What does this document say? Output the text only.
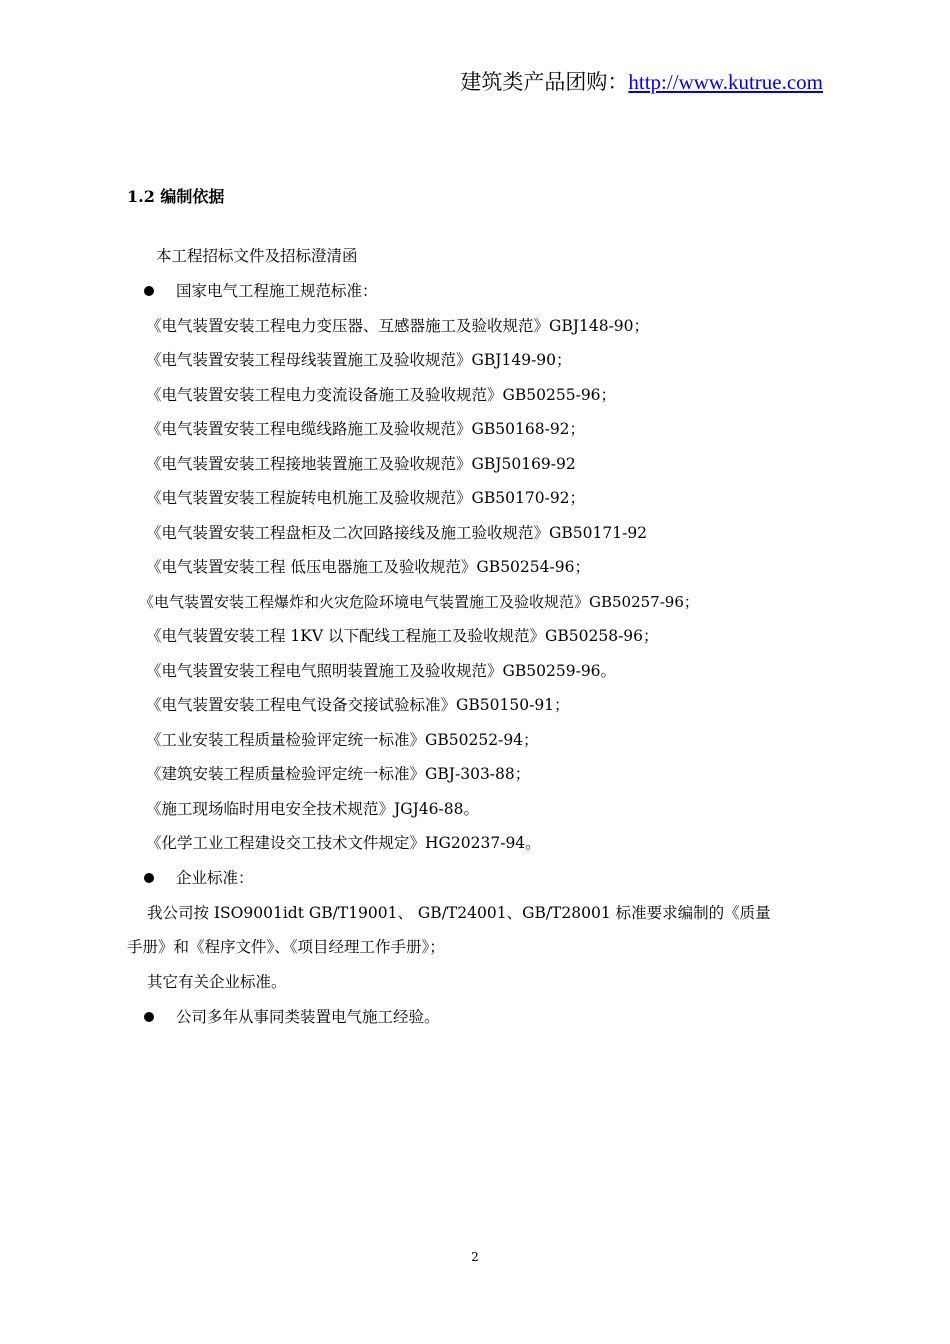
建筑类产品团购：http://www.kutrue.com
1.2 编制依据
本工程招标文件及招标澄清函
国家电气工程施工规范标准：
《电气装置安装工程电力变压器、互感器施工及验收规范》GBJ148-90；
《电气装置安装工程母线装置施工及验收规范》GBJ149-90；
《电气装置安装工程电力变流设备施工及验收规范》GB50255-96；
《电气装置安装工程电缆线路施工及验收规范》GB50168-92；
《电气装置安装工程接地装置施工及验收规范》GBJ50169-92
《电气装置安装工程旋转电机施工及验收规范》GB50170-92；
《电气装置安装工程盘柜及二次回路接线及施工验收规范》GB50171-92
《电气装置安装工程 低压电器施工及验收规范》GB50254-96；
《电气装置安装工程爆炸和火灾危险环境电气装置施工及验收规范》GB50257-96；
《电气装置安装工程 1KV 以下配线工程施工及验收规范》GB50258-96；
《电气装置安装工程电气照明装置施工及验收规范》GB50259-96。
《电气装置安装工程电气设备交接试验标准》GB50150-91；
《工业安装工程质量检验评定统一标准》GB50252-94；
《建筑安装工程质量检验评定统一标准》GBJ-303-88；
《施工现场临时用电安全技术规范》JGJ46-88。
《化学工业工程建设交工技术文件规定》HG20237-94。
企业标准：
我公司按 ISO9001idt GB/T19001、 GB/T24001、GB/T28001 标准要求编制的《质量
手册》和《程序文件》、《项目经理工作手册》；
其它有关企业标准。
公司多年从事同类装置电气施工经验。
2
